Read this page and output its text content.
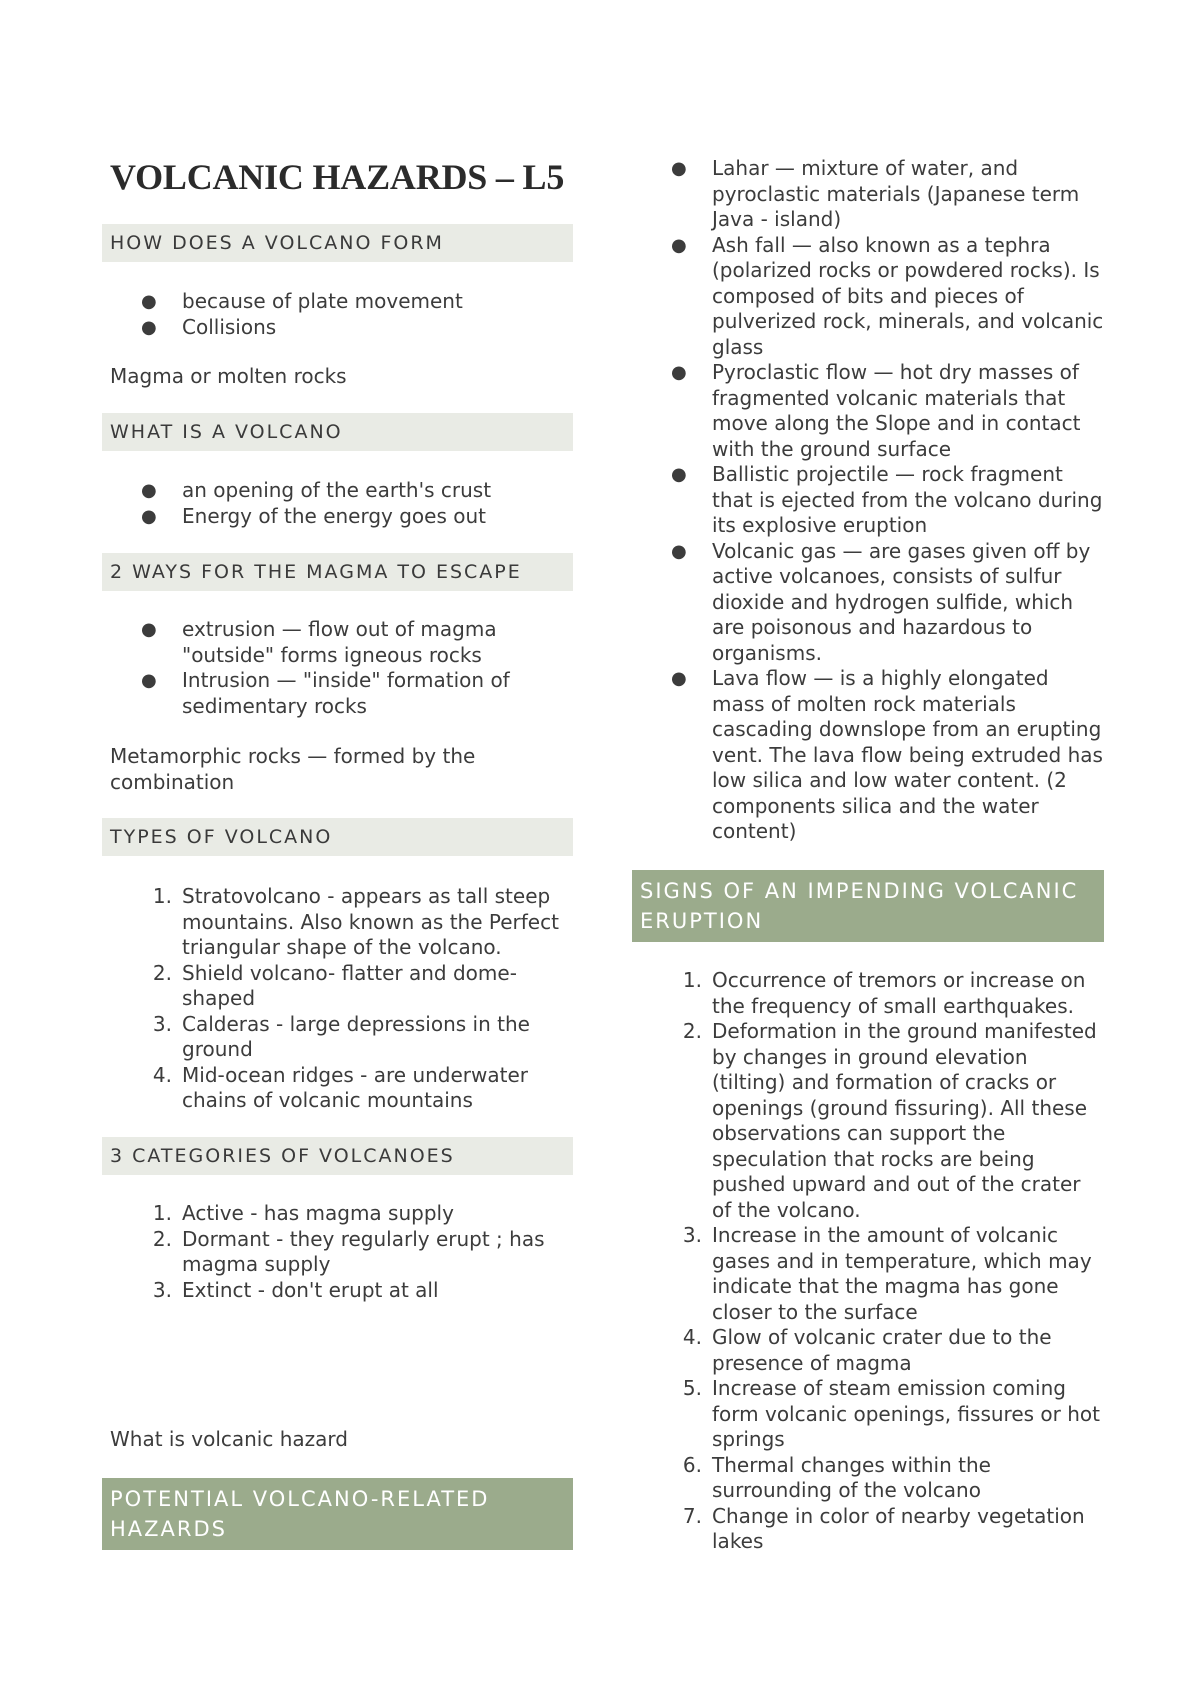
VOLCANIC HAZARDS – L5
HOW DOES A VOLCANO FORM
● because of plate movement
● Collisions
Magma or molten rocks
WHAT IS A VOLCANO
● an opening of the earth's crust
● Energy of the energy goes out
2 WAYS FOR THE MAGMA TO ESCAPE
● extrusion — flow out of magma "outside" forms igneous rocks
● Intrusion — "inside" formation of sedimentary rocks
Metamorphic rocks — formed by the combination
TYPES OF VOLCANO
1. Stratovolcano - appears as tall steep mountains. Also known as the Perfect triangular shape of the volcano.
2. Shield volcano- flatter and dome-shaped
3. Calderas - large depressions in the ground
4. Mid-ocean ridges - are underwater chains of volcanic mountains
3 CATEGORIES OF VOLCANOES
1. Active - has magma supply
2. Dormant - they regularly erupt ; has magma supply
3. Extinct - don't erupt at all
What is volcanic hazard
POTENTIAL VOLCANO-RELATED HAZARDS
● Lahar — mixture of water, and pyroclastic materials (Japanese term Java - island)
● Ash fall — also known as a tephra (polarized rocks or powdered rocks). Is composed of bits and pieces of pulverized rock, minerals, and volcanic glass
● Pyroclastic flow — hot dry masses of fragmented volcanic materials that move along the Slope and in contact with the ground surface
● Ballistic projectile — rock fragment that is ejected from the volcano during its explosive eruption
● Volcanic gas — are gases given off by active volcanoes, consists of sulfur dioxide and hydrogen sulfide, which are poisonous and hazardous to organisms.
● Lava flow — is a highly elongated mass of molten rock materials cascading downslope from an erupting vent. The lava flow being extruded has low silica and low water content. (2 components silica and the water content)
SIGNS OF AN IMPENDING VOLCANIC ERUPTION
1. Occurrence of tremors or increase on the frequency of small earthquakes.
2. Deformation in the ground manifested by changes in ground elevation (tilting) and formation of cracks or openings (ground fissuring). All these observations can support the speculation that rocks are being pushed upward and out of the crater of the volcano.
3. Increase in the amount of volcanic gases and in temperature, which may indicate that the magma has gone closer to the surface
4. Glow of volcanic crater due to the presence of magma
5. Increase of steam emission coming form volcanic openings, fissures or hot springs
6. Thermal changes within the surrounding of the volcano
7. Change in color of nearby vegetation lakes
